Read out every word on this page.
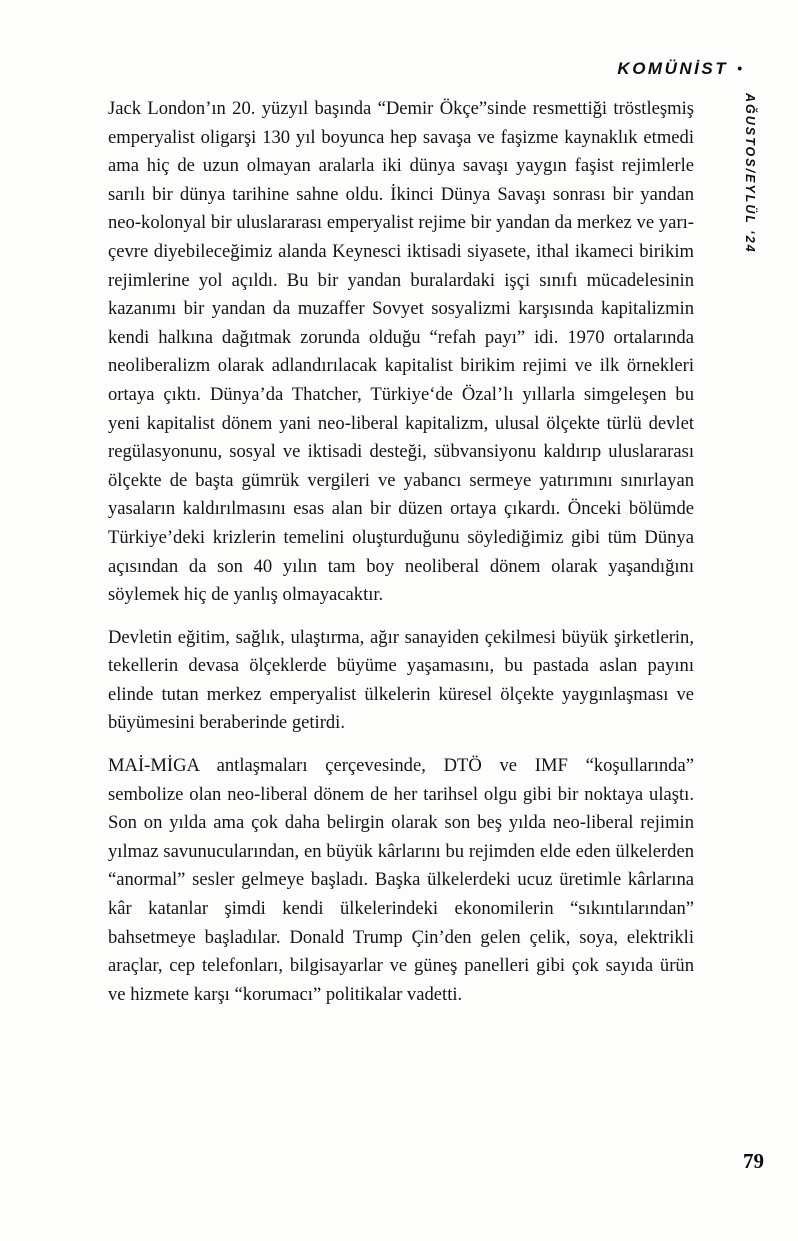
KOMÜNİST •
AĞUSTOS/EYLÜL ‘24

Jack London’ın 20. yüzyıl başında “Demir Ökçe”sinde resmettiği tröstleşmiş emperyalist oligarşi 130 yıl boyunca hep savaşa ve faşizme kaynaklık etmedi ama hiç de uzun olmayan aralarla iki dünya savaşı yaygın faşist rejimlerle sarılı bir dünya tarihine sahne oldu. İkinci Dünya Savaşı sonrası bir yandan neo-kolonyal bir uluslararası emperyalist rejime bir yandan da merkez ve yarı-çevre diyebileceğimiz alanda Keynesci iktisadi siyasete, ithal ikameci birikim rejimlerine yol açıldı. Bu bir yandan buralardaki işçi sınıfı mücadelesinin kazanımı bir yandan da muzaffer Sovyet sosyalizmi karşısında kapitalizmin kendi halkına dağıtmak zorunda olduğu “refah payı” idi. 1970 ortalarında neoliberalizm olarak adlandırılacak kapitalist birikim rejimi ve ilk örnekleri ortaya çıktı. Dünya’da Thatcher, Türkiye‘de Özal’lı yıllarla simgeleşen bu yeni kapitalist dönem yani neo-liberal kapitalizm, ulusal ölçekte türlü devlet regülasyonunu, sosyal ve iktisadi desteği, sübvansiyonu kaldırıp uluslararası ölçekte de başta gümrük vergileri ve yabancı sermeye yatırımını sınırlayan yasaların kaldırılmasını esas alan bir düzen ortaya çıkardı. Önceki bölümde Türkiye’deki krizlerin temelini oluşturduğunu söylediğimiz gibi tüm Dünya açısından da son 40 yılın tam boy neoliberal dönem olarak yaşandığını söylemek hiç de yanlış olmayacaktır.

Devletin eğitim, sağlık, ulaştırma, ağır sanayiden çekilmesi büyük şirketlerin, tekellerin devasa ölçeklerde büyüme yaşamasını, bu pastada aslan payını elinde tutan merkez emperyalist ülkelerin küresel ölçekte yaygınlaşması ve büyümesini beraberinde getirdi.

MAİ-MİGA antlaşmaları çerçevesinde, DTÖ ve IMF “koşullarında” sembolize olan neo-liberal dönem de her tarihsel olgu gibi bir noktaya ulaştı. Son on yılda ama çok daha belirgin olarak son beş yılda neo-liberal rejimin yılmaz savunucularından, en büyük kârlarını bu rejimden elde eden ülkelerden “anormal” sesler gelmeye başladı. Başka ülkelerdeki ucuz üretimle kârlarına kâr katanlar şimdi kendi ülkelerindeki ekonomilerin “sıkıntılarından” bahsetmeye başladılar. Donald Trump Çin’den gelen çelik, soya, elektrikli araçlar, cep telefonları, bilgisayarlar ve güneş panelleri gibi çok sayıda ürün ve hizmete karşı “korumacı” politikalar vadetti.

79
